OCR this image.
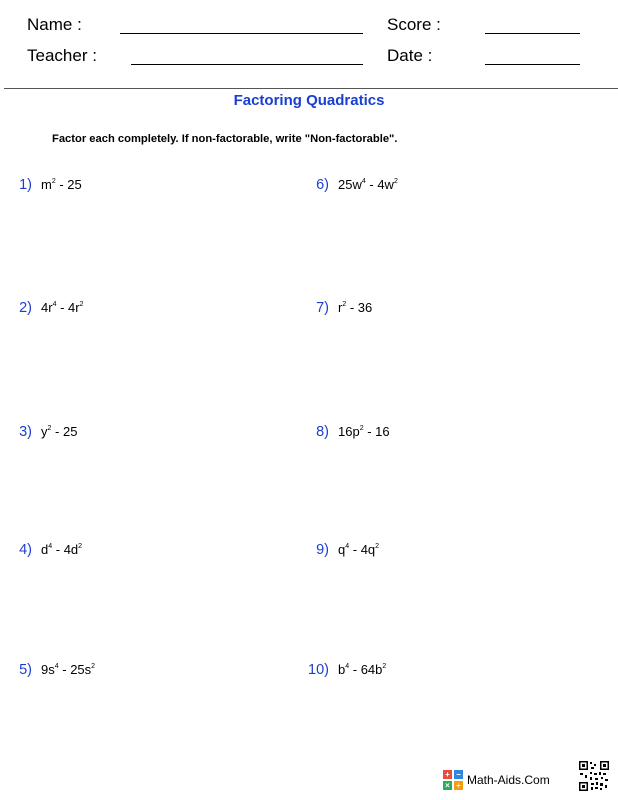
Name :	Score :
Teacher :	Date :
Factoring Quadratics
Factor each completely. If non-factorable, write "Non-factorable".
1) $m^2 - 25$
2) $4r^4 - 4r^2$
3) $y^2 - 25$
4) $d^4 - 4d^2$
5) $9s^4 - 25s^2$
6) $25w^4 - 4w^2$
7) $r^2 - 36$
8) $16p^2 - 16$
9) $q^4 - 4q^2$
10) $b^4 - 64b^2$
+ −
× ÷ Math-Aids.Com
